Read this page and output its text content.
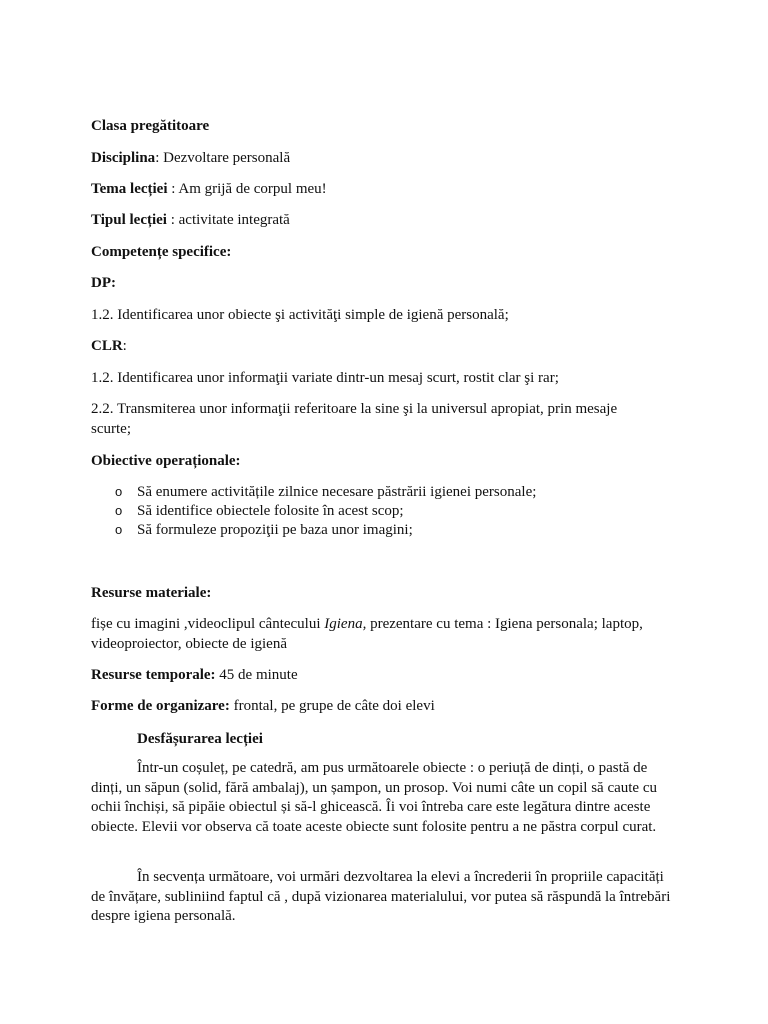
Clasa pregătitoare
Disciplina: Dezvoltare personală
Tema lecției : Am grijă de corpul meu!
Tipul lecției : activitate integrată
Competențe specifice:
DP:
1.2. Identificarea unor obiecte şi activităţi simple de igienă personală;
CLR:
1.2. Identificarea unor informaţii variate dintr-un mesaj scurt, rostit clar şi rar;
2.2. Transmiterea unor informaţii referitoare la sine şi la universul apropiat, prin mesaje scurte;
Obiective operaționale:
o Să enumere activitățile zilnice necesare păstrării igienei personale;
o Să identifice obiectele folosite în acest scop;
o Să formuleze propoziţii pe baza unor imagini;
Resurse materiale:
fișe cu imagini ,videoclipul cântecului Igiena, prezentare cu tema : Igiena personala; laptop, videoproiector, obiecte de igienă
Resurse temporale: 45 de minute
Forme de organizare: frontal, pe grupe de câte doi elevi
Desfășurarea lecției
Într-un coșuleț, pe catedră, am pus următoarele obiecte : o periuță de dinți, o pastă de dinți, un săpun (solid, fără ambalaj), un șampon, un prosop. Voi numi câte un copil să caute cu ochii închiși, să pipăie obiectul și să-l ghicească. Îi voi întreba care este legătura dintre aceste obiecte. Elevii vor observa că toate aceste obiecte sunt folosite pentru a ne păstra corpul curat.
În secvența următoare, voi urmări dezvoltarea la elevi a încrederii în propriile capacități de învățare, subliniind faptul că , după vizionarea materialului, vor putea să răspundă la întrebări despre igiena personală.
